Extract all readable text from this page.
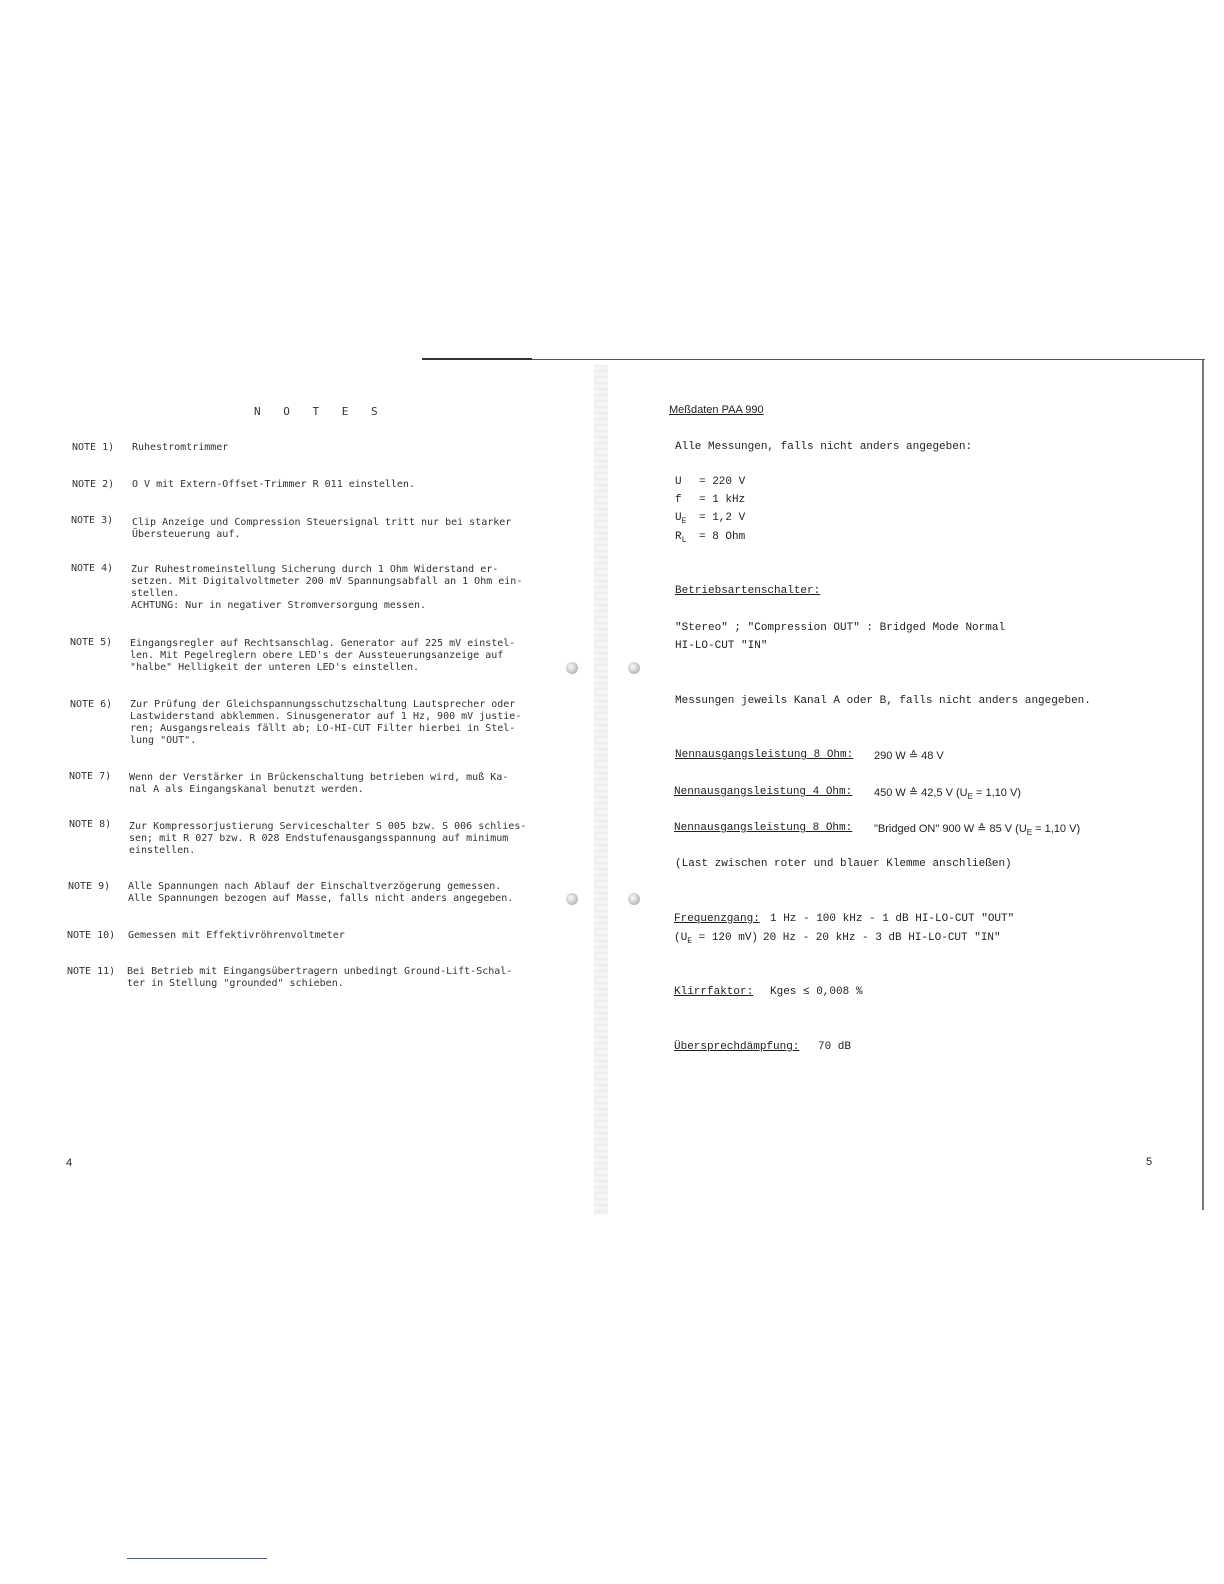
N O T E S
NOTE 1) Ruhestromtrimmer
NOTE 2) O V mit Extern-Offset-Trimmer R 011 einstellen.
NOTE 3) Clip Anzeige und Compression Steuersignal tritt nur bei starker
Übersteuerung auf.
NOTE 4) Zur Ruhestromeinstellung Sicherung durch 1 Ohm Widerstand er-
setzen. Mit Digitalvoltmeter 200 mV Spannungsabfall an 1 Ohm ein-
stellen.
ACHTUNG: Nur in negativer Stromversorgung messen.
NOTE 5) Eingangsregler auf Rechtsanschlag. Generator auf 225 mV einstel-
len. Mit Pegelreglern obere LED's der Aussteuerungsanzeige auf
"halbe" Helligkeit der unteren LED's einstellen.
NOTE 6) Zur Prüfung der Gleichspannungsschutzschaltung Lautsprecher oder
Lastwiderstand abklemmen. Sinusgenerator auf 1 Hz, 900 mV justie-
ren; Ausgangsreleais fällt ab; LO-HI-CUT Filter hierbei in Stel-
lung "OUT".
NOTE 7) Wenn der Verstärker in Brückenschaltung betrieben wird, muß Ka-
nal A als Eingangskanal benutzt werden.
NOTE 8) Zur Kompressorjustierung Serviceschalter S 005 bzw. S 006 schlies-
sen; mit R 027 bzw. R 028 Endstufenausgangsspannung auf minimum
einstellen.
NOTE 9) Alle Spannungen nach Ablauf der Einschaltverzögerung gemessen.
Alle Spannungen bezogen auf Masse, falls nicht anders angegeben.
NOTE 10) Gemessen mit Effektivröhrenvoltmeter
NOTE 11) Bei Betrieb mit Eingangsübertragern unbedingt Ground-Lift-Schal-
ter in Stellung "grounded" schieben.
4
Meßdaten PAA 990
Alle Messungen, falls nicht anders angegeben:
U = 220 V
f = 1 kHz
$U_E = 1,2$ V
$R_L = 8$ Ohm
Betriebsartenschalter:
"Stereo" ; "Compression OUT" : Bridged Mode Normal
HI-LO-CUT "IN"
Messungen jeweils Kanal A oder B, falls nicht anders angegeben.
Nennausgangsleistung 8 Ohm: 290 W ≙ 48 V
Nennausgangsleistung 4 Ohm: 450 W ≙ 42,5 V ($U_E = 1,10$ V)
Nennausgangsleistung 8 Ohm: "Bridged ON" 900 W ≙ 85 V ($U_E = 1,10$ V)
(Last zwischen roter und blauer Klemme anschließen)
Frequenzgang: 1 Hz - 100 kHz - 1 dB HI-LO-CUT "OUT"
($U_E = 120$ mV) 20 Hz - 20 kHz - 3 dB HI-LO-CUT "IN"
Klirrfaktor: Kges ≤ 0,008 %
Übersprechdämpfung: 70 dB
5
